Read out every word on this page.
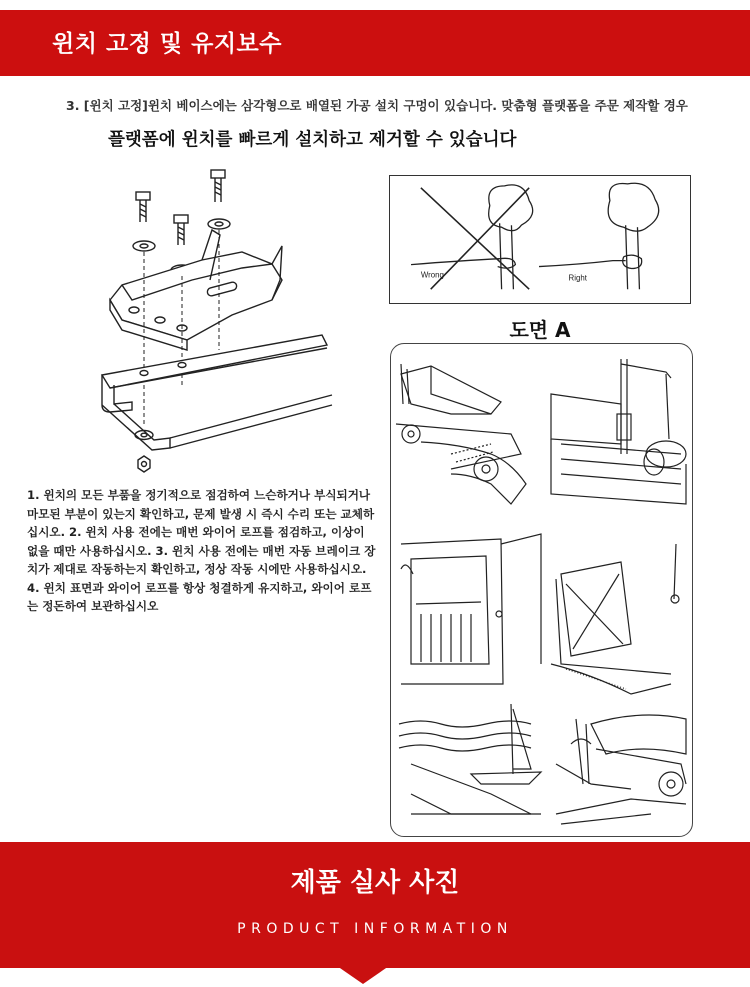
윈치 고정 및 유지보수
3. [윈치 고정]윈치 베이스에는 삼각형으로 배열된 가공 설치 구멍이 있습니다. 맞춤형 플랫폼을 주문 제작할 경우
플랫폼에 윈치를 빠르게 설치하고 제거할 수 있습니다
Wrong	Right
도면 A
1. 윈치의 모든 부품을 정기적으로 점검하여 느슨하거나 부식되거나 마모된 부분이 있는지 확인하고, 문제 발생 시 즉시 수리 또는 교체하십시오. 2. 윈치 사용 전에는 매번 와이어 로프를 점검하고, 이상이 없을 때만 사용하십시오. 3. 윈치 사용 전에는 매번 자동 브레이크 장치가 제대로 작동하는지 확인하고, 정상 작동 시에만 사용하십시오. 4. 윈치 표면과 와이어 로프를 항상 청결하게 유지하고, 와이어 로프는 정돈하여 보관하십시오
제품 실사 사진
PRODUCT INFORMATION
